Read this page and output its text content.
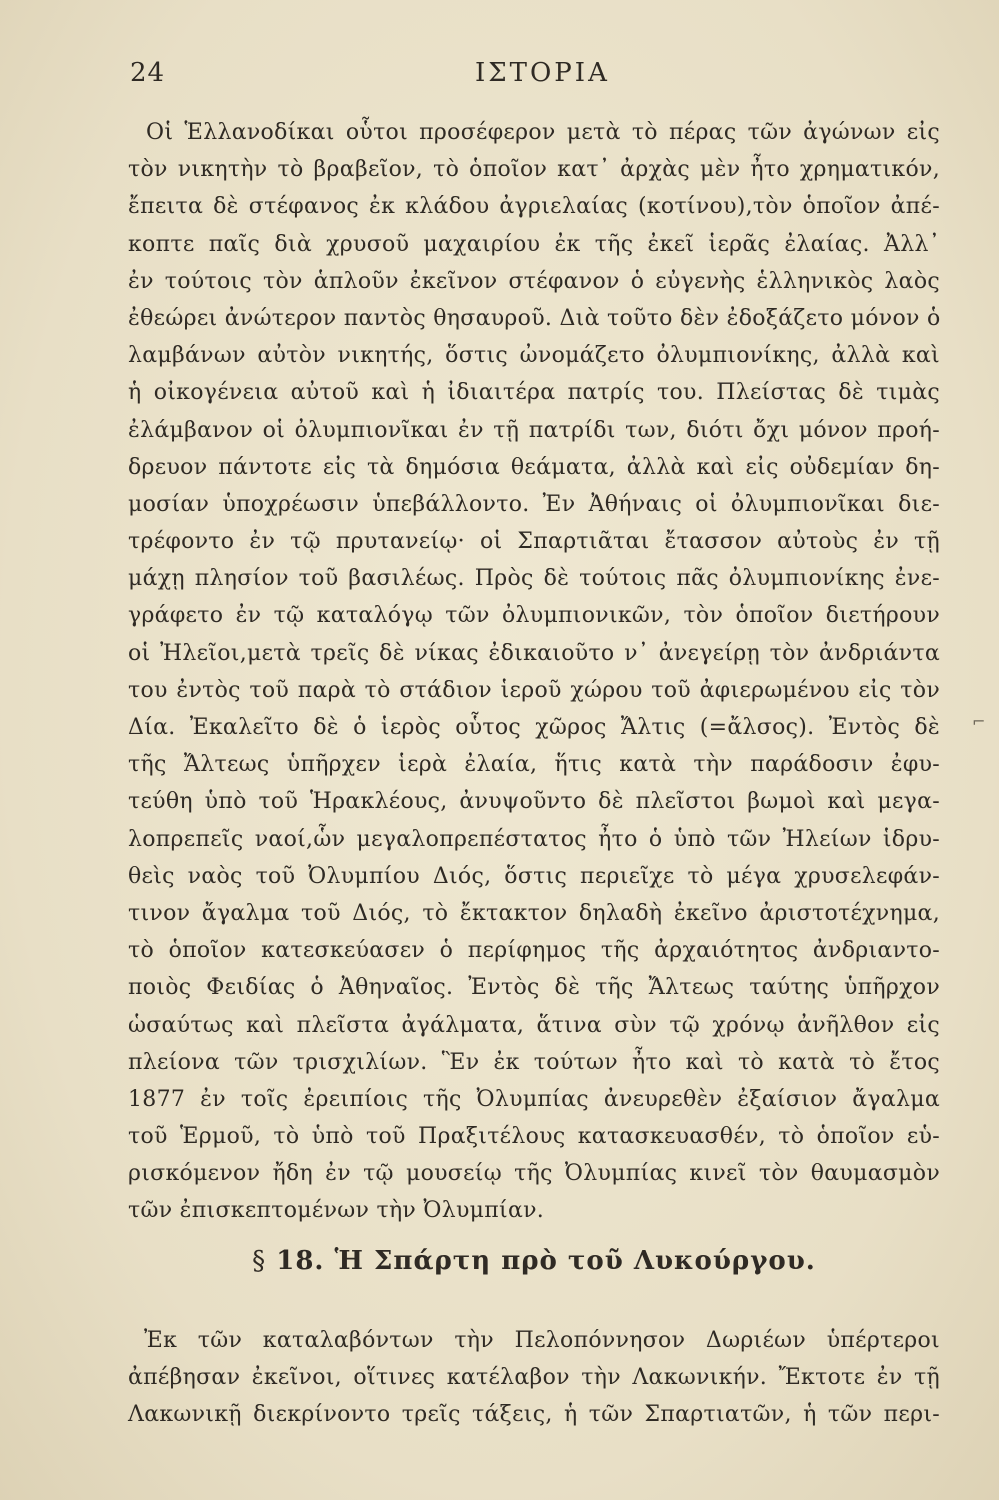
24	ΙΣΤΟΡΙΑ
Οἱ Ἑλλανοδίκαι οὗτοι προσέφερον μετὰ τὸ πέρας τῶν ἀγώνων εἰς
τὸν νικητὴν τὸ βραβεῖον, τὸ ὁποῖον κατ᾽ ἀρχὰς μὲν ἦτο χρηματικόν,
ἔπειτα δὲ στέφανος ἐκ κλάδου ἀγριελαίας (κοτίνου),τὸν ὁποῖον ἀπέ-
κοπτε παῖς διὰ χρυσοῦ μαχαιρίου ἐκ τῆς ἐκεῖ ἱερᾶς ἐλαίας. Ἀλλ᾽
ἐν τούτοις τὸν ἁπλοῦν ἐκεῖνον στέφανον ὁ εὐγενὴς ἑλληνικὸς λαὸς
ἐθεώρει ἀνώτερον παντὸς θησαυροῦ. Διὰ τοῦτο δὲν ἐδοξάζετο μόνον ὁ
λαμβάνων αὐτὸν νικητής, ὅστις ὠνομάζετο ὀλυμπιονίκης, ἀλλὰ καὶ
ἡ οἰκογένεια αὐτοῦ καὶ ἡ ἰδιαιτέρα πατρίς του. Πλείστας δὲ τιμὰς
ἐλάμβανον οἱ ὀλυμπιονῖκαι ἐν τῇ πατρίδι των, διότι ὄχι μόνον προή-
δρευον πάντοτε εἰς τὰ δημόσια θεάματα, ἀλλὰ καὶ εἰς οὐδεμίαν δη-
μοσίαν ὑποχρέωσιν ὑπεβάλλοντο. Ἐν Ἀθήναις οἱ ὀλυμπιονῖκαι διε-
τρέφοντο ἐν τῷ πρυτανείῳ· οἱ Σπαρτιᾶται ἔτασσον αὐτοὺς ἐν τῇ
μάχῃ πλησίον τοῦ βασιλέως. Πρὸς δὲ τούτοις πᾶς ὀλυμπιονίκης ἐνε-
γράφετο ἐν τῷ καταλόγῳ τῶν ὀλυμπιονικῶν, τὸν ὁποῖον διετήρουν
οἱ Ἠλεῖοι,μετὰ τρεῖς δὲ νίκας ἐδικαιοῦτο ν᾽ ἀνεγείρῃ τὸν ἀνδριάντα
του ἐντὸς τοῦ παρὰ τὸ στάδιον ἱεροῦ χώρου τοῦ ἀφιερωμένου εἰς τὸν
Δία. Ἐκαλεῖτο δὲ ὁ ἱερὸς οὗτος χῶρος Ἄλτις (=ἄλσος). Ἐντὸς δὲ
τῆς Ἄλτεως ὑπῆρχεν ἱερὰ ἐλαία, ἥτις κατὰ τὴν παράδοσιν ἐφυ-
τεύθη ὑπὸ τοῦ Ἡρακλέους, ἀνυψοῦντο δὲ πλεῖστοι βωμοὶ καὶ μεγα-
λοπρεπεῖς ναοί,ὧν μεγαλοπρεπέστατος ἦτο ὁ ὑπὸ τῶν Ἠλείων ἱδρυ-
θεὶς ναὸς τοῦ Ὀλυμπίου Διός, ὅστις περιεῖχε τὸ μέγα χρυσελεφάν-
τινον ἄγαλμα τοῦ Διός, τὸ ἔκτακτον δηλαδὴ ἐκεῖνο ἀριστοτέχνημα,
τὸ ὁποῖον κατεσκεύασεν ὁ περίφημος τῆς ἀρχαιότητος ἀνδριαντο-
ποιὸς Φειδίας ὁ Ἀθηναῖος. Ἐντὸς δὲ τῆς Ἄλτεως ταύτης ὑπῆρχον
ὡσαύτως καὶ πλεῖστα ἀγάλματα, ἅτινα σὺν τῷ χρόνῳ ἀνῆλθον εἰς
πλείονα τῶν τρισχιλίων. Ἓν ἐκ τούτων ἦτο καὶ τὸ κατὰ τὸ ἔτος
1877 ἐν τοῖς ἐρειπίοις τῆς Ὀλυμπίας ἀνευρεθὲν ἐξαίσιον ἄγαλμα
τοῦ Ἑρμοῦ, τὸ ὑπὸ τοῦ Πραξιτέλους κατασκευασθέν, τὸ ὁποῖον εὑ-
ρισκόμενον ἤδη ἐν τῷ μουσείῳ τῆς Ὀλυμπίας κινεῖ τὸν θαυμασμὸν
τῶν ἐπισκεπτομένων τὴν Ὀλυμπίαν.
⌐
§ 18. Ἡ Σπάρτη πρὸ τοῦ Λυκούργου.
Ἐκ τῶν καταλαβόντων τὴν Πελοπόννησον Δωριέων ὑπέρτεροι
ἀπέβησαν ἐκεῖνοι, οἵτινες κατέλαβον τὴν Λακωνικήν. Ἔκτοτε ἐν τῇ
Λακωνικῇ διεκρίνοντο τρεῖς τάξεις, ἡ τῶν Σπαρτιατῶν, ἡ τῶν περι-
